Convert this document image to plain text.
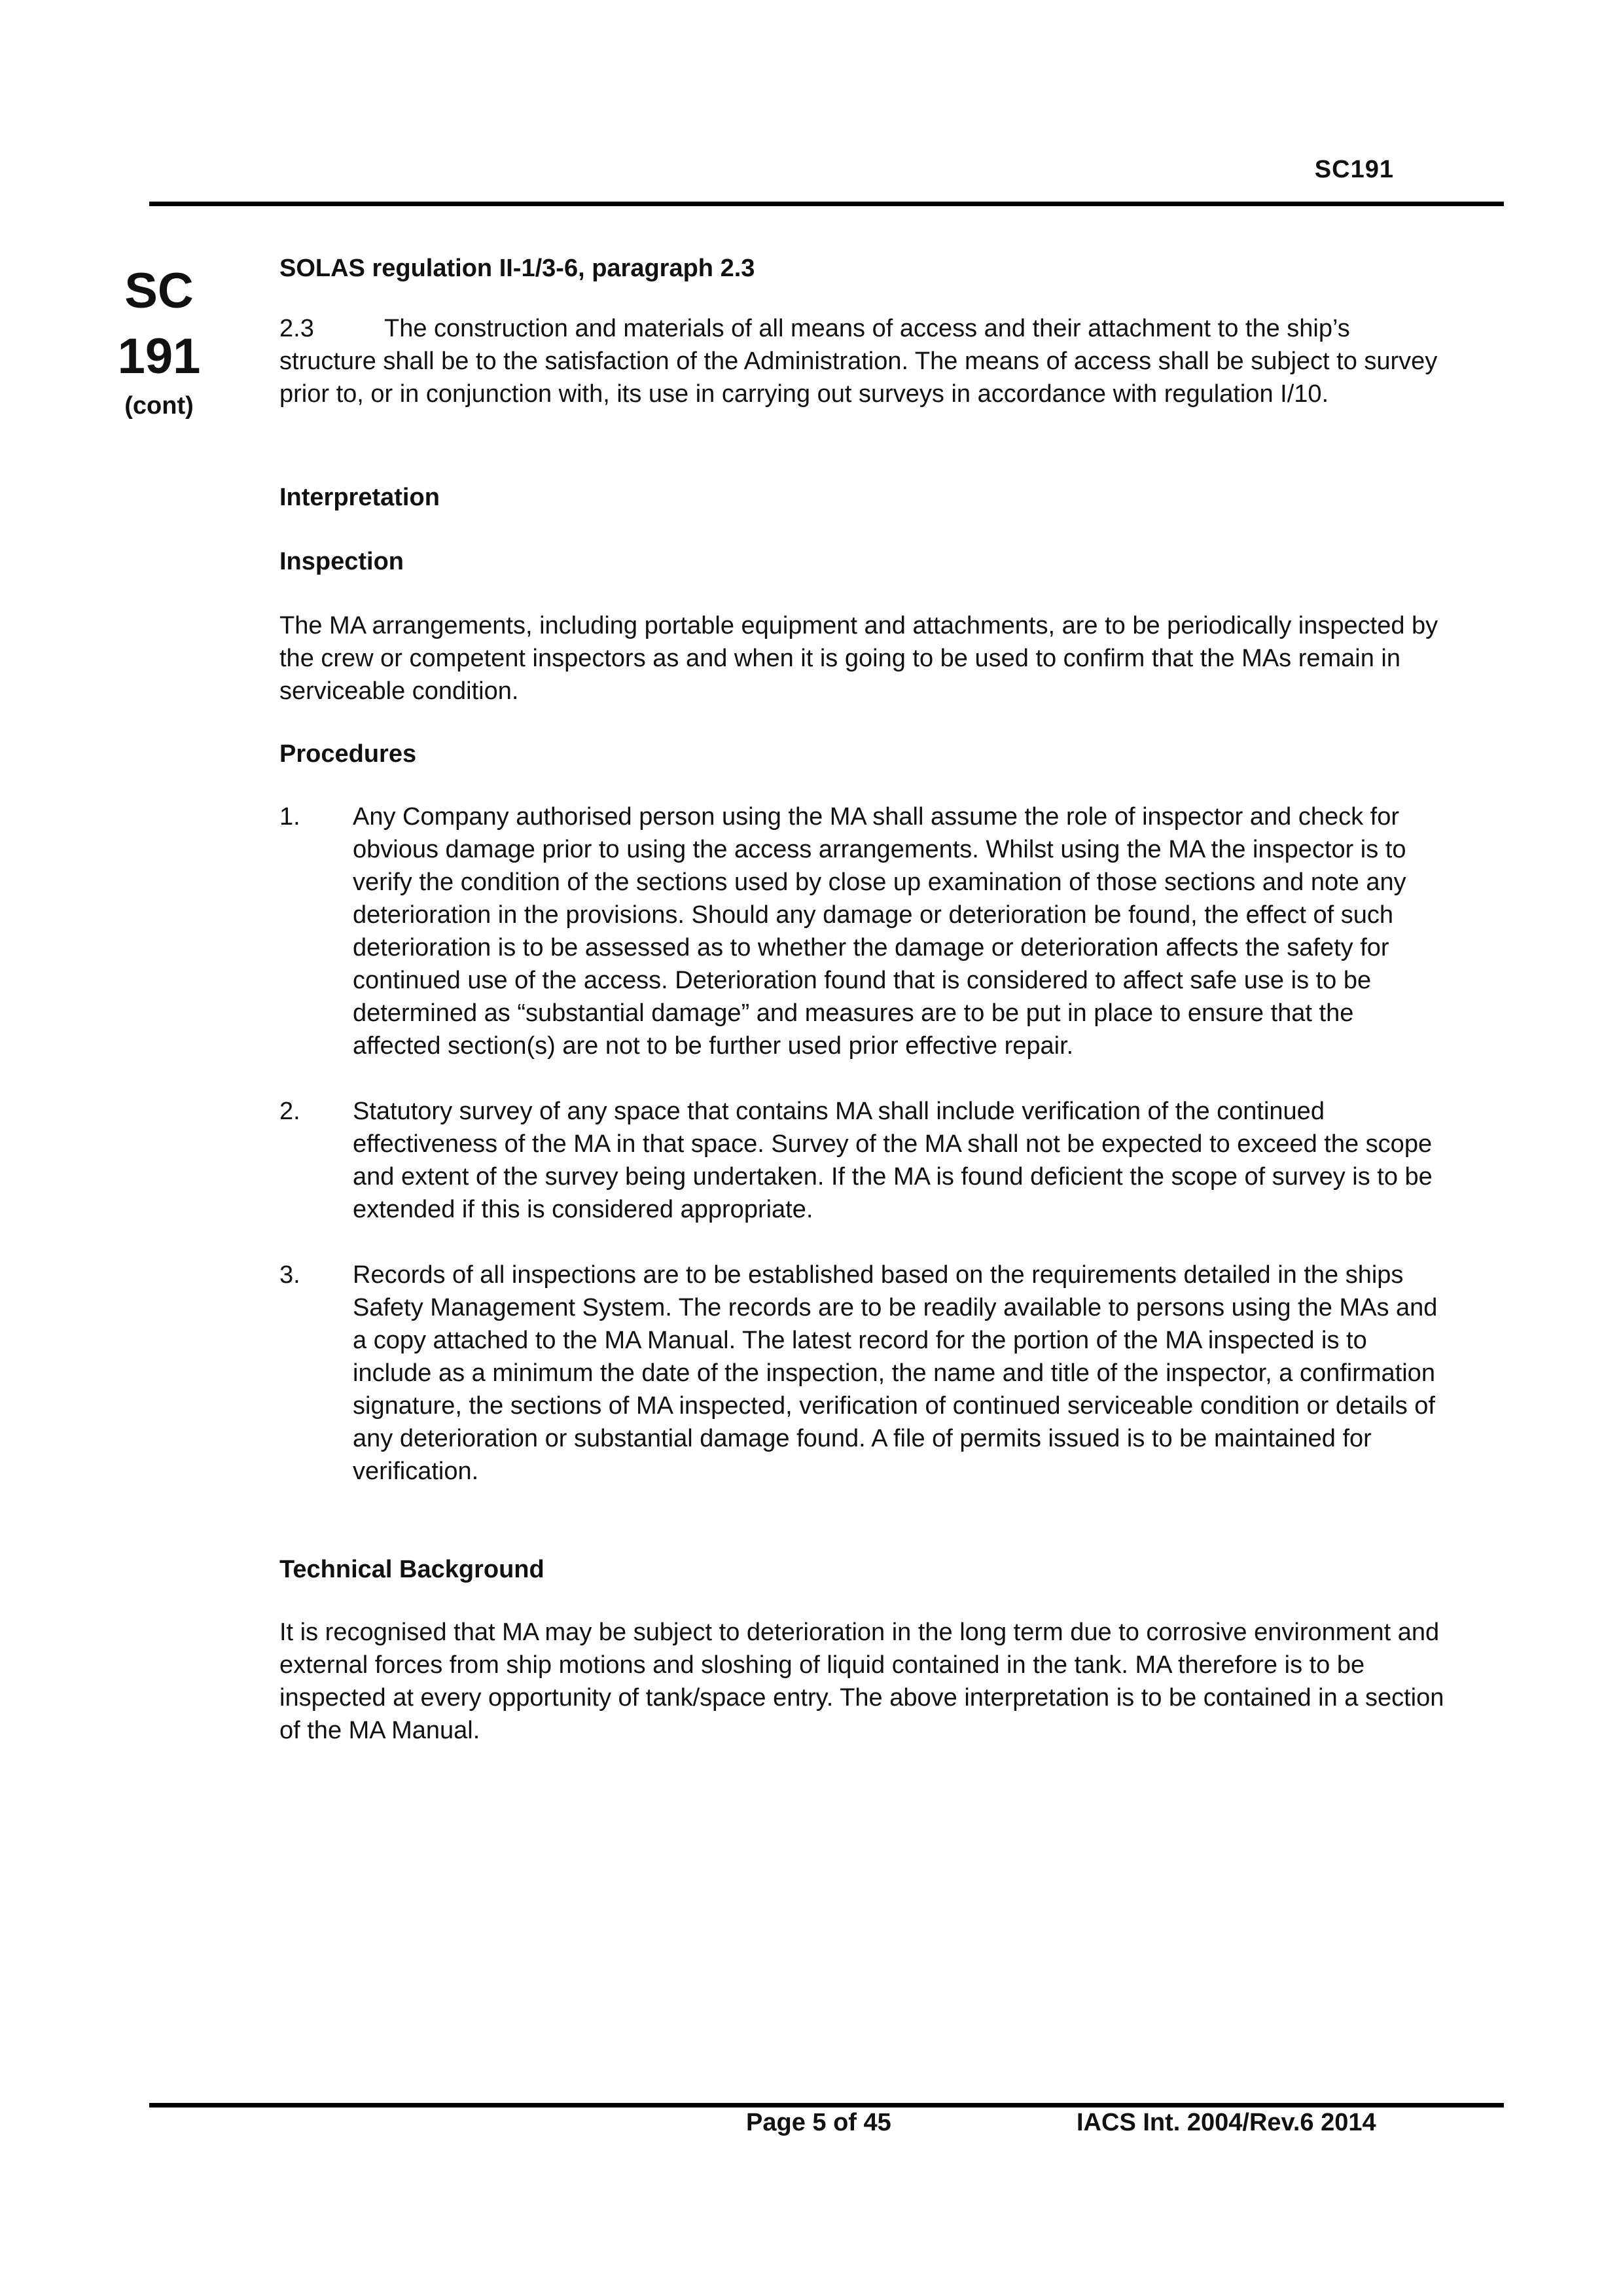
SC191
SC
191
(cont)

SOLAS regulation II-1/3-6, paragraph 2.3

2.3	The construction and materials of all means of access and their attachment to the ship’s structure shall be to the satisfaction of the Administration. The means of access shall be subject to survey prior to, or in conjunction with, its use in carrying out surveys in accordance with regulation I/10.

Interpretation

Inspection

The MA arrangements, including portable equipment and attachments, are to be periodically inspected by the crew or competent inspectors as and when it is going to be used to confirm that the MAs remain in serviceable condition.

Procedures

1. Any Company authorised person using the MA shall assume the role of inspector and check for obvious damage prior to using the access arrangements. Whilst using the MA the inspector is to verify the condition of the sections used by close up examination of those sections and note any deterioration in the provisions. Should any damage or deterioration be found, the effect of such deterioration is to be assessed as to whether the damage or deterioration affects the safety for continued use of the access. Deterioration found that is considered to affect safe use is to be determined as “substantial damage” and measures are to be put in place to ensure that the affected section(s) are not to be further used prior effective repair.
2. Statutory survey of any space that contains MA shall include verification of the continued effectiveness of the MA in that space. Survey of the MA shall not be expected to exceed the scope and extent of the survey being undertaken. If the MA is found deficient the scope of survey is to be extended if this is considered appropriate.
3. Records of all inspections are to be established based on the requirements detailed in the ships Safety Management System. The records are to be readily available to persons using the MAs and a copy attached to the MA Manual. The latest record for the portion of the MA inspected is to include as a minimum the date of the inspection, the name and title of the inspector, a confirmation signature, the sections of MA inspected, verification of continued serviceable condition or details of any deterioration or substantial damage found. A file of permits issued is to be maintained for verification.

Technical Background

It is recognised that MA may be subject to deterioration in the long term due to corrosive environment and external forces from ship motions and sloshing of liquid contained in the tank. MA therefore is to be inspected at every opportunity of tank/space entry. The above interpretation is to be contained in a section of the MA Manual.

Page 5 of 45	IACS Int. 2004/Rev.6 2014
